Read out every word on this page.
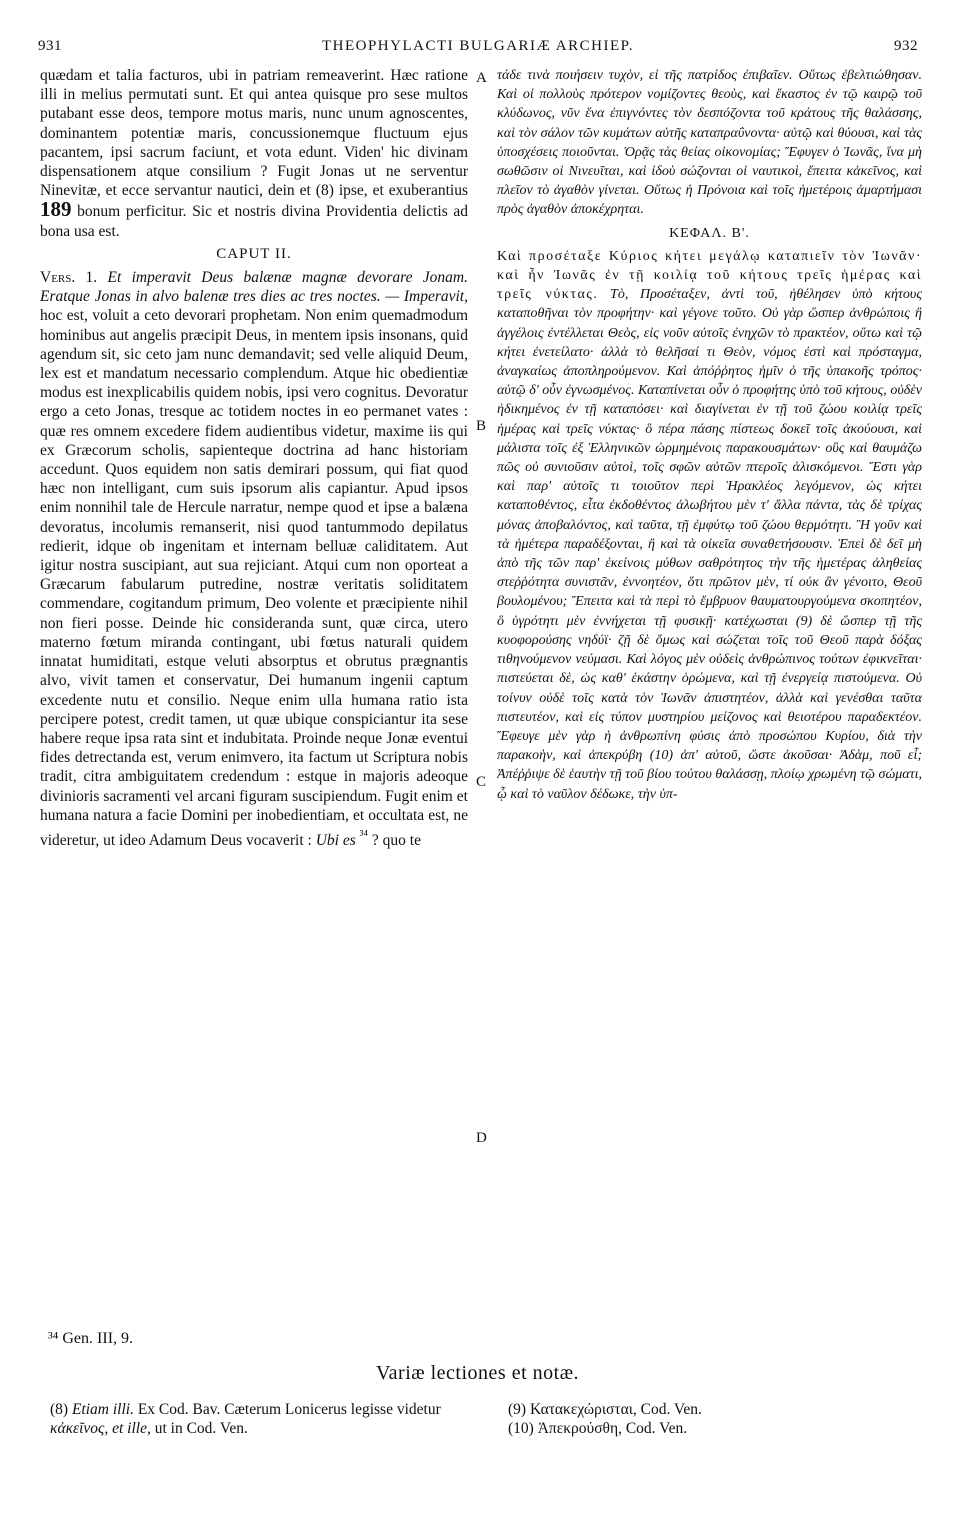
931	THEOPHYLACTI BULGARIÆ ARCHIEP.	932
A
B
C
D

quædam et talia facturos, ubi in patriam remeaverint. Hæc ratione illi in melius permutati sunt. Et qui antea quisque pro sese multos putabant esse deos, tempore motus maris, nunc unum agnoscentes, dominantem potentiæ maris, concussionemque fluctuum ejus pacantem, ipsi sacrum faciunt, et vota edunt. Viden' hic divinam dispensationem atque consilium ? Fugit Jonas ut ne serventur Ninevitæ, et ecce servantur nautici, dein et (8) ipse, et exuberantius 189 bonum perficitur. Sic et nostris divina Providentia delictis ad bona usa est.

CAPUT II.

Vers. 1. Et imperavit Deus balænæ magnæ devorare Jonam. Eratque Jonas in alvo balenæ tres dies ac tres noctes. — Imperavit, hoc est, voluit a ceto devorari prophetam. Non enim quemadmodum hominibus aut angelis præcipit Deus, in mentem ipsis insonans, quid agendum sit, sic ceto jam nunc demandavit; sed velle aliquid Deum, lex est et mandatum necessario complendum. Atque hic obedientiæ modus est inexplicabilis quidem nobis, ipsi vero cognitus. Devoratur ergo a ceto Jonas, tresque ac totidem noctes in eo permanet vates : quæ res omnem excedere fidem audientibus videtur, maxime iis qui ex Græcorum scholis, sapienteque doctrina ad hanc historiam accedunt. Quos equidem non satis demirari possum, qui fiat quod hæc non intelligant, cum suis ipsorum alis capiantur. Apud ipsos enim nonnihil tale de Hercule narratur, nempe quod et ipse a balæna devoratus, incolumis remanserit, nisi quod tantummodo depilatus redierit, idque ob ingenitam et internam belluæ caliditatem. Aut igitur nostra suscipiant, aut sua rejiciant. Atqui cum non oporteat a Græcarum fabularum putredine, nostræ veritatis soliditatem commendare, cogitandum primum, Deo volente et præcipiente nihil non fieri posse. Deinde hic consideranda sunt, quæ circa, utero materno fœtum miranda contingant, ubi fœtus naturali quidem innatat humiditati, estque veluti absorptus et obrutus prægnantis alvo, vivit tamen et conservatur, Dei humanum ingenii captum excedente nutu et consilio. Neque enim ulla humana ratio ista percipere potest, credit tamen, ut quæ ubique conspiciantur ita sese habere reque ipsa rata sint et indubitata. Proinde neque Jonæ eventui fides detrectanda est, verum enimvero, ita factum ut Scriptura nobis tradit, citra ambiguitatem credendum : estque in majoris adeoque divinioris sacramenti vel arcani figuram suscipiendum. Fugit enim et humana natura a facie Domini per inobedientiam, et occultata est, ne videretur, ut ideo Adamum Deus vocaverit : Ubi es $^{^{34}}$ ? quo te

τάδε τινὰ ποιήσειν τυχὸν, εἰ τῆς πατρίδος ἐπιβαῖεν. Οὕτως ἐβελτιώθησαν. Καὶ οἱ πολλοὺς πρότερον νομίζοντες θεοὺς, καὶ ἕκαστος ἐν τῷ καιρῷ τοῦ κλύδωνος, νῦν ἕνα ἐπιγνόντες τὸν δεσπόζοντα τοῦ κράτους τῆς θαλάσσης, καὶ τὸν σάλον τῶν κυμάτων αὐτῆς καταπραΰνοντα· αὐτῷ καὶ θύουσι, καὶ τὰς ὑποσχέσεις ποιοῦνται. Ὁρᾷς τὰς θείας οἰκονομίας; Ἔφυγεν ὁ Ἰωνᾶς, ἵνα μὴ σωθῶσιν οἱ Νινευῖται, καὶ ἰδοὺ σώζονται οἱ ναυτικοὶ, ἔπειτα κἀκεῖνος, καὶ πλεῖον τὸ ἀγαθὸν γίνεται. Οὕτως ἡ Πρόνοια καὶ τοῖς ἡμετέροις ἁμαρτήμασι πρὸς ἀγαθὸν ἀποκέχρηται.

ΚΕΦΑΛ. Β'.

Καὶ προσέταξε Κύριος κήτει μεγάλῳ καταπιεῖν τὸν Ἰωνᾶν· καὶ ἦν Ἰωνᾶς ἐν τῇ κοιλίᾳ τοῦ κήτους τρεῖς ἡμέρας καὶ τρεῖς νύκτας. Τὸ, Προσέταξεν, ἀντὶ τοῦ, ἠθέλησεν ὑπὸ κήτους καταποθῆναι τὸν προφήτην· καὶ γέγονε τοῦτο. Οὐ γὰρ ὥσπερ ἀνθρώποις ἢ ἀγγέλοις ἐντέλλεται Θεὸς, εἰς νοῦν αὐτοῖς ἐνηχῶν τὸ πρακτέον, οὕτω καὶ τῷ κήτει ἐνετείλατο· ἀλλὰ τὸ θελῆσαί τι Θεὸν, νόμος ἐστὶ καὶ πρόσταγμα, ἀναγκαίως ἀποπληρούμενον. Καὶ ἀπόῤῥητος ἡμῖν ὁ τῆς ὑπακοῆς τρόπος· αὐτῷ δ' οὖν ἐγνωσμένος. Καταπίνεται οὖν ὁ προφήτης ὑπὸ τοῦ κήτους, οὐδὲν ἠδικημένος ἐν τῇ καταπόσει· καὶ διαγίνεται ἐν τῇ τοῦ ζώου κοιλίᾳ τρεῖς ἡμέρας καὶ τρεῖς νύκτας· ὃ πέρα πάσης πίστεως δοκεῖ τοῖς ἀκούουσι, καὶ μάλιστα τοῖς ἐξ Ἑλληνικῶν ὡρμημένοις παρακουσμάτων· οὓς καὶ θαυμάζω πῶς οὐ συνιοῦσιν αὐτοὶ, τοῖς σφῶν αὐτῶν πτεροῖς ἁλισκόμενοι. Ἔστι γὰρ καὶ παρ' αὐτοῖς τι τοιοῦτον περὶ Ἡρακλέος λεγόμενον, ὡς κήτει καταποθέντος, εἶτα ἐκδοθέντος ἀλωβήτου μὲν τ' ἄλλα πάντα, τὰς δὲ τρίχας μόνας ἀποβαλόντος, καὶ ταῦτα, τῇ ἐμφύτῳ τοῦ ζώου θερμότητι. Ἢ γοῦν καὶ τὰ ἡμέτερα παραδέξονται, ἢ καὶ τὰ οἰκεῖα συναθετήσουσιν. Ἐπεὶ δὲ δεῖ μὴ ἀπὸ τῆς τῶν παρ' ἐκείνοις μύθων σαθρότητος τὴν τῆς ἡμετέρας ἀληθείας στεῤῥότητα συνιστᾶν, ἐννοητέον, ὅτι πρῶτον μὲν, τί οὐκ ἂν γένοιτο, Θεοῦ βουλομένου; Ἔπειτα καὶ τὰ περὶ τὸ ἔμβρυον θαυματουργούμενα σκοπητέον, ὃ ὑγρότητι μὲν ἐννήχεται τῇ φυσικῇ· κατέχωσται (9) δὲ ὥσπερ τῇ τῆς κυοφορούσης νηδύϊ· ζῇ δὲ ὅμως καὶ σώζεται τοῖς τοῦ Θεοῦ παρὰ δόξας τιθηνούμενον νεύμασι. Καὶ λόγος μὲν οὐδεὶς ἀνθρώπινος τούτων ἐφικνεῖται· πιστεύεται δὲ, ὡς καθ' ἑκάστην ὁρώμενα, καὶ τῇ ἐνεργείᾳ πιστούμενα. Οὐ τοίνυν οὐδὲ τοῖς κατὰ τὸν Ἰωνᾶν ἀπιστητέον, ἀλλὰ καὶ γενέσθαι ταῦτα πιστευτέον, καὶ εἰς τύπον μυστηρίου μείζονος καὶ θειοτέρου παραδεκτέον. Ἔφευγε μὲν γὰρ ἡ ἀνθρωπίνη φύσις ἀπὸ προσώπου Κυρίου, διὰ τὴν παρακοὴν, καὶ ἀπεκρύβη (10) ἀπ' αὐτοῦ, ὥστε ἀκοῦσαι· Ἀδὰμ, ποῦ εἶ; Ἀπέῤῥιψε δὲ ἑαυτὴν τῇ τοῦ βίου τούτου θαλάσσῃ, πλοίῳ χρωμένη τῷ σώματι, ᾧ καὶ τὸ ναῦλον δέδωκε, τὴν ὑπ-

³⁴ Gen. III, 9.
Variæ lectiones et notæ.

(8) Etiam illi. Ex Cod. Bav. Cæterum Lonicerus legisse videtur κἀκεῖνος, et ille, ut in Cod. Ven.

(9) Κατακεχώρισται, Cod. Ven.

(10) Ἀπεκρούσθη, Cod. Ven.
